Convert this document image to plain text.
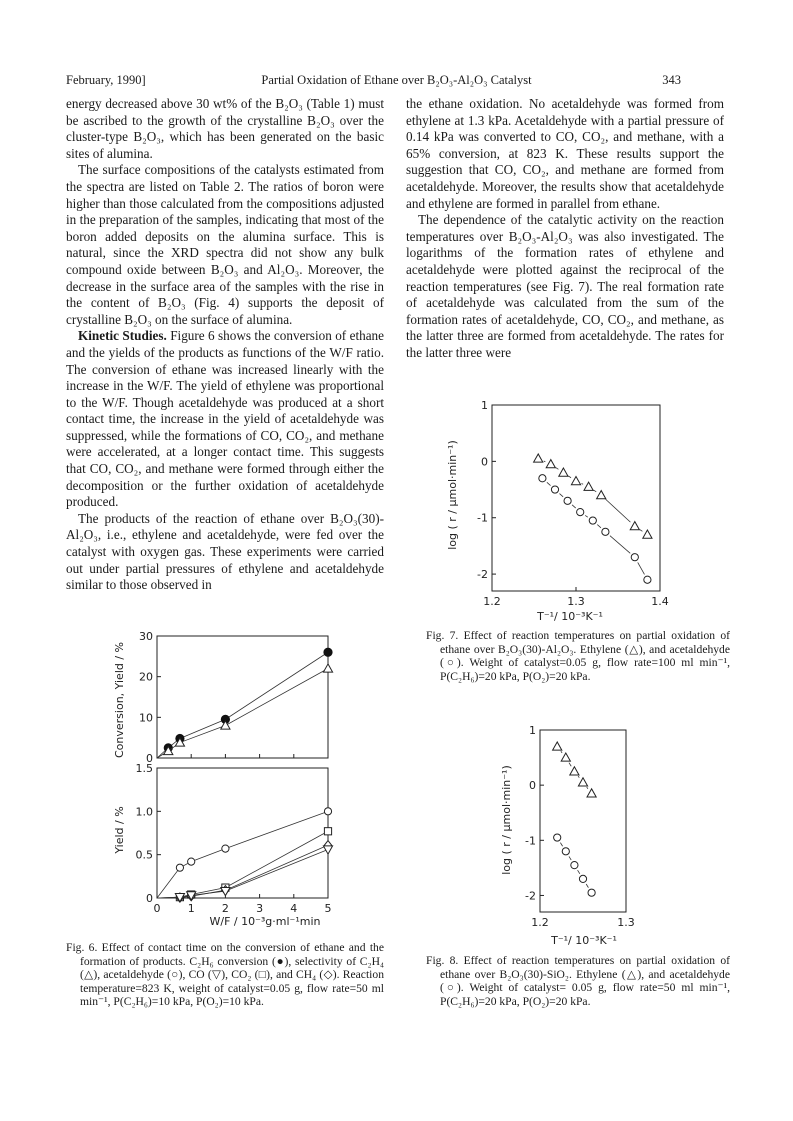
February, 1990]	Partial Oxidation of Ethane over B₂O₃-Al₂O₃ Catalyst	343

energy decreased above 30 wt% of the B₂O₃ (Table 1) must be ascribed to the growth of the crystalline B₂O₃ over the cluster-type B₂O₃, which has been generated on the basic sites of alumina.

The surface compositions of the catalysts estimated from the spectra are listed on Table 2. The ratios of boron were higher than those calculated from the compositions adjusted in the preparation of the samples, indicating that most of the boron added deposits on the alumina surface. This is natural, since the XRD spectra did not show any bulk compound oxide between B₂O₃ and Al₂O₃. Moreover, the decrease in the surface area of the samples with the rise in the content of B₂O₃ (Fig. 4) supports the deposit of crystalline B₂O₃ on the surface of alumina.

Kinetic Studies. Figure 6 shows the conversion of ethane and the yields of the products as functions of the W/F ratio. The conversion of ethane was increased linearly with the increase in the W/F. The yield of ethylene was proportional to the W/F. Though acetaldehyde was produced at a short contact time, the increase in the yield of acetaldehyde was suppressed, while the formations of CO, CO₂, and methane were accelerated, at a longer contact time. This suggests that CO, CO₂, and methane were formed through either the decomposition or the further oxidation of acetaldehyde produced.

The products of the reaction of ethane over B₂O₃(30)-Al₂O₃, i.e., ethylene and acetaldehyde, were fed over the catalyst with oxygen gas. These experiments were carried out under partial pressures of ethylene and acetaldehyde similar to those observed in

the ethane oxidation. No acetaldehyde was formed from ethylene at 1.3 kPa. Acetaldehyde with a partial pressure of 0.14 kPa was converted to CO, CO₂, and methane, with a 65% conversion, at 823 K. These results support the suggestion that CO, CO₂, and methane are formed from acetaldehyde. Moreover, the results show that acetaldehyde and ethylene are formed in parallel from ethane.

The dependence of the catalytic activity on the reaction temperatures over B₂O₃-Al₂O₃ was also investigated. The logarithms of the formation rates of ethylene and acetaldehyde were plotted against the reciprocal of the reaction temperatures (see Fig. 7). The real formation rate of acetaldehyde was calculated from the sum of the formation rates of acetaldehyde, CO, CO₂, and methane, as the latter three are formed from acetaldehyde. The rates for the latter three were

0
10
20
30
0
0.5
1.0
1.5
0 1 2 3 4 5
Conversion, Yield / %
Yield / %
W/F / 10⁻³g·ml⁻¹min
-2
-1
0
1
1.2	1.3	1.4
log ( r / μmol·min⁻¹)
T⁻¹/ 10⁻³K⁻¹
-2
-1
0
1
1.2	1.3
log ( r / μmol·min⁻¹)
T⁻¹/ 10⁻³K⁻¹
Fig. 6. Effect of contact time on the conversion of ethane and the formation of products. C₂H₆ conversion (●), selectivity of C₂H₄ (△), acetaldehyde (○), CO (▽), CO₂ (□), and CH₄ (◇). Reaction temperature=823 K, weight of catalyst=0.05 g, flow rate=50 ml min⁻¹, P(C₂H₆)=10 kPa, P(O₂)=10 kPa.
Fig. 7. Effect of reaction temperatures on partial oxidation of ethane over B₂O₃(30)-Al₂O₃. Ethylene (△), and acetaldehyde (○). Weight of catalyst=0.05 g, flow rate=100 ml min⁻¹, P(C₂H₆)=20 kPa, P(O₂)=20 kPa.
Fig. 8. Effect of reaction temperatures on partial oxidation of ethane over B₂O₃(30)-SiO₂. Ethylene (△), and acetaldehyde (○). Weight of catalyst= 0.05 g, flow rate=50 ml min⁻¹, P(C₂H₆)=20 kPa, P(O₂)=20 kPa.
